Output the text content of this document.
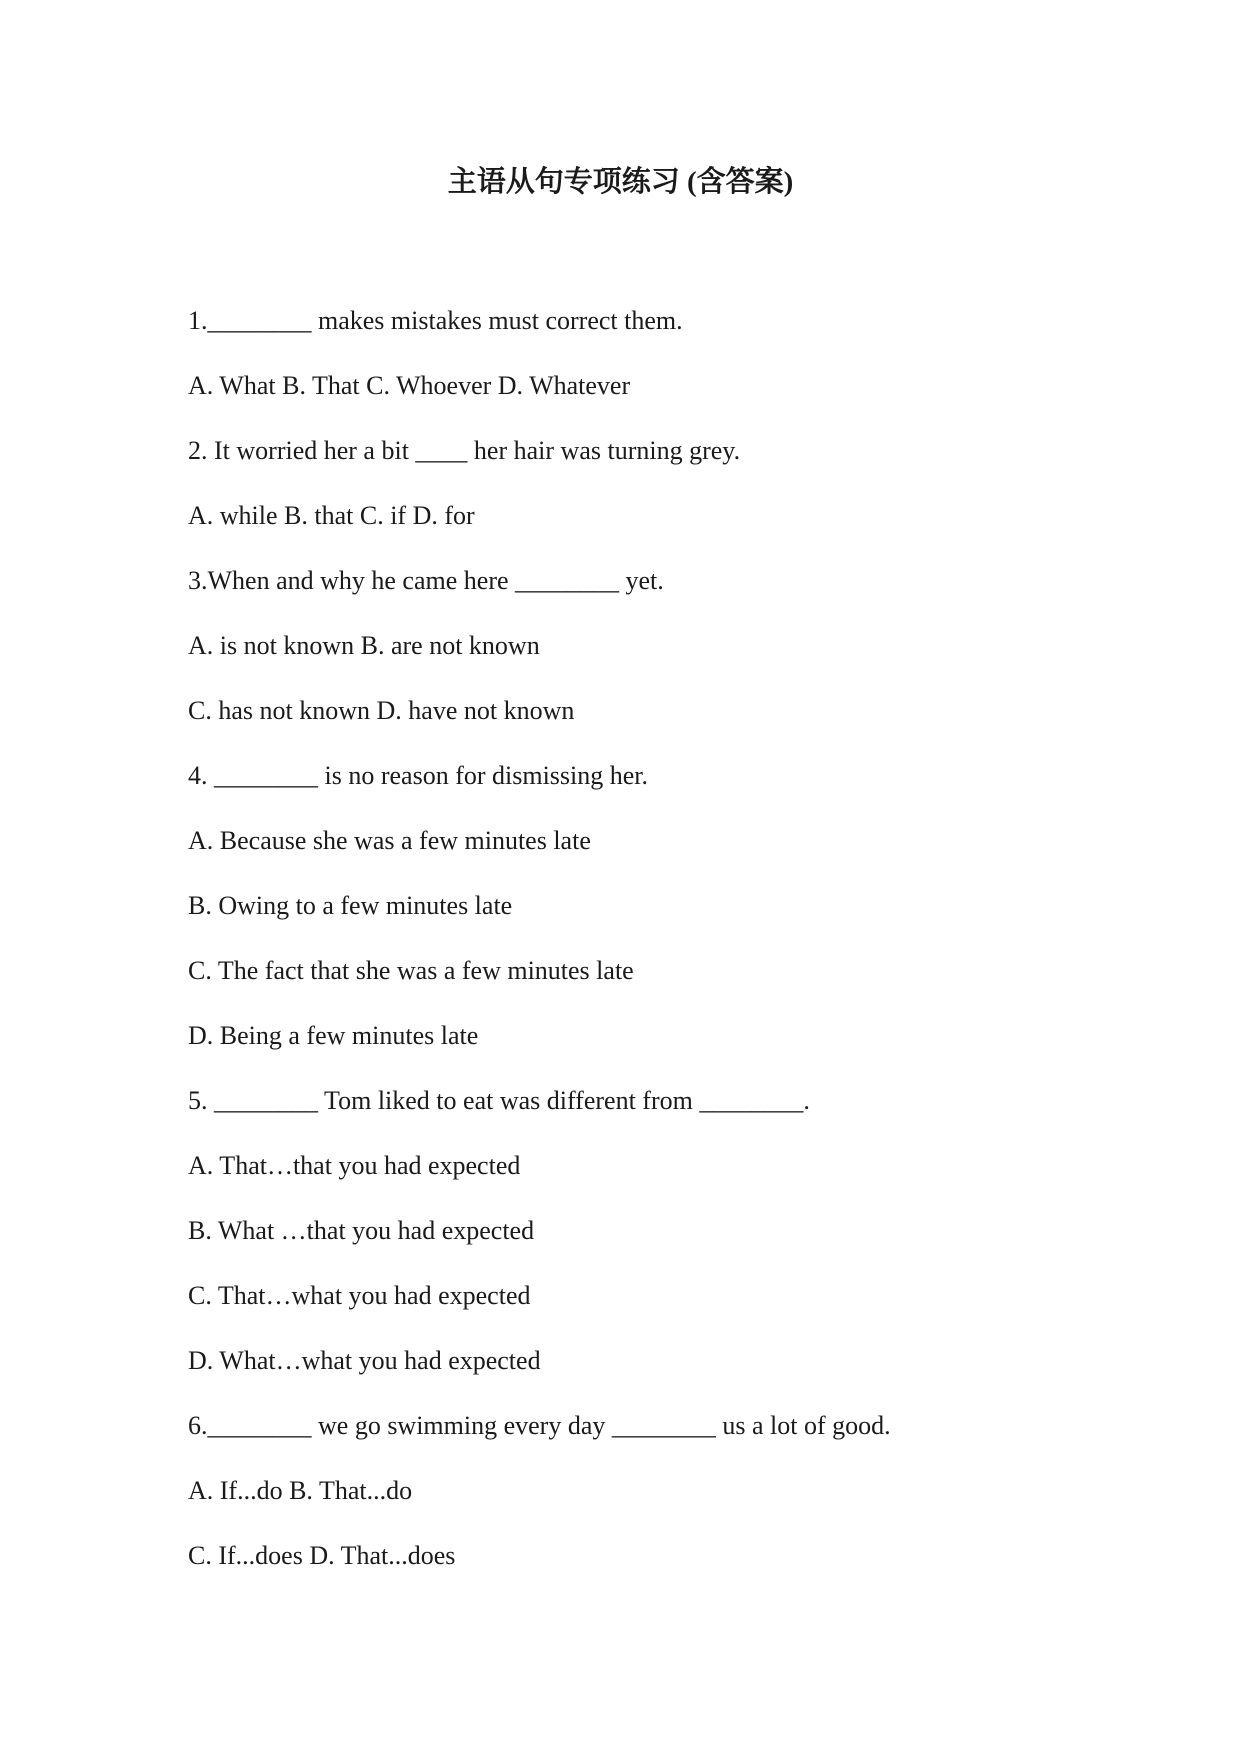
主语从句专项练习 (含答案)
1.________ makes mistakes must correct them.
A. What B. That C. Whoever D. Whatever
2. It worried her a bit ____ her hair was turning grey.
A. while B. that C. if D. for
3.When and why he came here ________ yet.
A. is not known B. are not known
C. has not known D. have not known
4. ________ is no reason for dismissing her.
A. Because she was a few minutes late
B. Owing to a few minutes late
C. The fact that she was a few minutes late
D. Being a few minutes late
5. ________ Tom liked to eat was different from ________.
A. That…that you had expected
B. What …that you had expected
C. That…what you had expected
D. What…what you had expected
6.________ we go swimming every day ________ us a lot of good.
A. If...do B. That...do
C. If...does D. That...does
